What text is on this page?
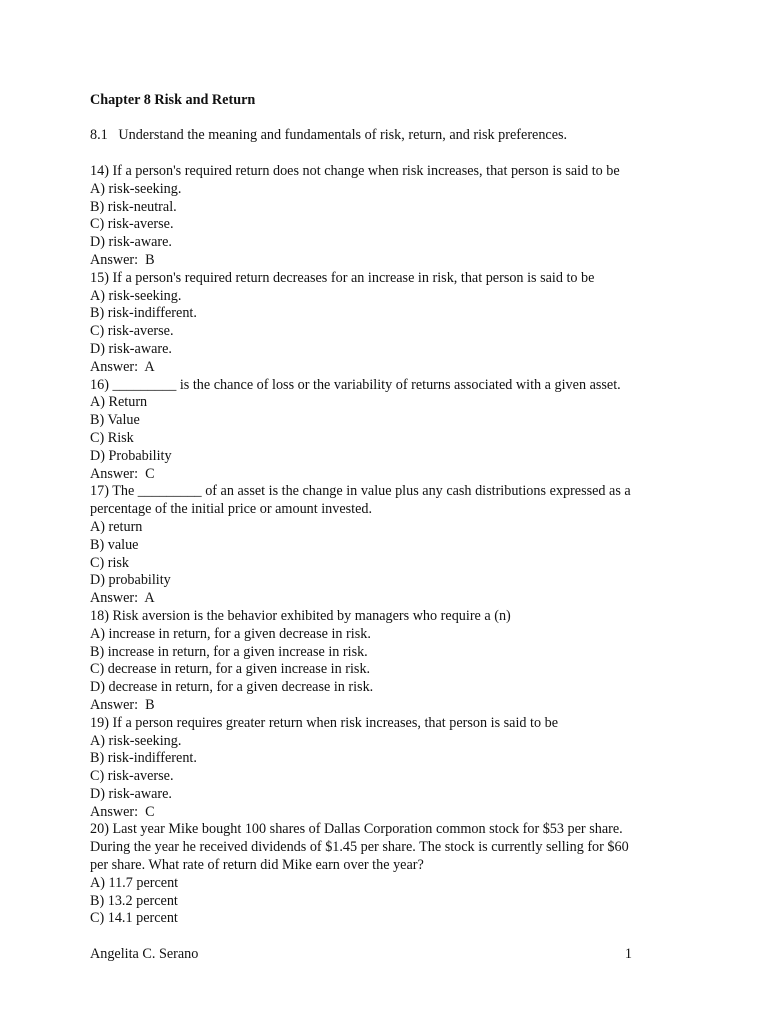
Chapter 8 Risk and Return
8.1   Understand the meaning and fundamentals of risk, return, and risk preferences.
14) If a person's required return does not change when risk increases, that person is said to be
A) risk-seeking.
B) risk-neutral.
C) risk-averse.
D) risk-aware.
Answer:  B
15) If a person's required return decreases for an increase in risk, that person is said to be
A) risk-seeking.
B) risk-indifferent.
C) risk-averse.
D) risk-aware.
Answer:  A
16) _________ is the chance of loss or the variability of returns associated with a given asset.
A) Return
B) Value
C) Risk
D) Probability
Answer:  C
17) The _________ of an asset is the change in value plus any cash distributions expressed as a
percentage of the initial price or amount invested.
A) return
B) value
C) risk
D) probability
Answer:  A
18) Risk aversion is the behavior exhibited by managers who require a (n)
A) increase in return, for a given decrease in risk.
B) increase in return, for a given increase in risk.
C) decrease in return, for a given increase in risk.
D) decrease in return, for a given decrease in risk.
Answer:  B
19) If a person requires greater return when risk increases, that person is said to be
A) risk-seeking.
B) risk-indifferent.
C) risk-averse.
D) risk-aware.
Answer:  C
20) Last year Mike bought 100 shares of Dallas Corporation common stock for $53 per share.
During the year he received dividends of $1.45 per share. The stock is currently selling for $60
per share. What rate of return did Mike earn over the year?
A) 11.7 percent
B) 13.2 percent
C) 14.1 percent
Angelita C. Serano	1
